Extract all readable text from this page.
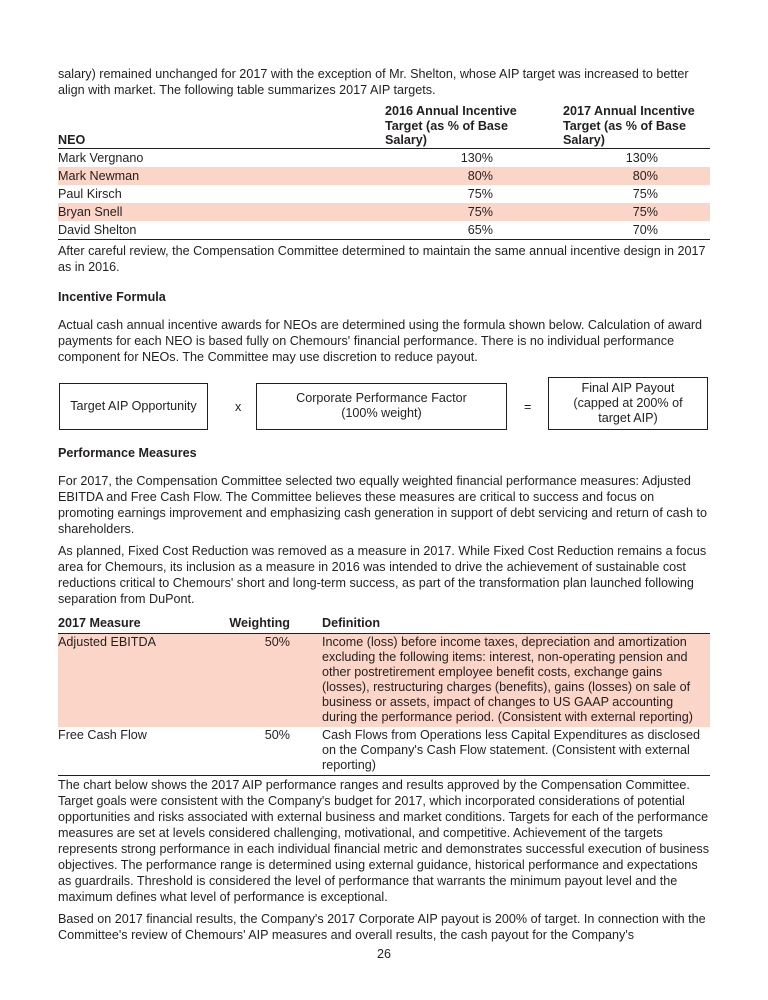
salary) remained unchanged for 2017 with the exception of Mr. Shelton, whose AIP target was increased to better align with market. The following table summarizes 2017 AIP targets.

NEO	2016 Annual Incentive Target (as % of Base Salary)	2017 Annual Incentive Target (as % of Base Salary)

Mark Vergnano	130%	130%
Mark Newman	80%	80%
Paul Kirsch	75%	75%
Bryan Snell	75%	75%
David Shelton	65%	70%

After careful review, the Compensation Committee determined to maintain the same annual incentive design in 2017 as in 2016.

Incentive Formula

Actual cash annual incentive awards for NEOs are determined using the formula shown below. Calculation of award payments for each NEO is based fully on Chemours' financial performance. There is no individual performance component for NEOs. The Committee may use discretion to reduce payout.

Target AIP Opportunity	x
Corporate Performance Factor
(100% weight)	=
Final AIP Payout
(capped at 200% of
target AIP)

Performance Measures

For 2017, the Compensation Committee selected two equally weighted financial performance measures: Adjusted EBITDA and Free Cash Flow. The Committee believes these measures are critical to success and focus on promoting earnings improvement and emphasizing cash generation in support of debt servicing and return of cash to shareholders.

As planned, Fixed Cost Reduction was removed as a measure in 2017. While Fixed Cost Reduction remains a focus area for Chemours, its inclusion as a measure in 2016 was intended to drive the achievement of sustainable cost reductions critical to Chemours' short and long-term success, as part of the transformation plan launched following separation from DuPont.

2017 Measure	Weighting		Definition
Adjusted EBITDA	50%		Income (loss) before income taxes, depreciation and amortization excluding the following items: interest, non-operating pension and other postretirement employee benefit costs, exchange gains (losses), restructuring charges (benefits), gains (losses) on sale of business or assets, impact of changes to US GAAP accounting during the performance period. (Consistent with external reporting)
Free Cash Flow	50%		Cash Flows from Operations less Capital Expenditures as disclosed on the Company's Cash Flow statement. (Consistent with external reporting)

The chart below shows the 2017 AIP performance ranges and results approved by the Compensation Committee. Target goals were consistent with the Company's budget for 2017, which incorporated considerations of potential opportunities and risks associated with external business and market conditions. Targets for each of the performance measures are set at levels considered challenging, motivational, and competitive. Achievement of the targets represents strong performance in each individual financial metric and demonstrates successful execution of business objectives. The performance range is determined using external guidance, historical performance and expectations as guardrails. Threshold is considered the level of performance that warrants the minimum payout level and the maximum defines what level of performance is exceptional.

Based on 2017 financial results, the Company's 2017 Corporate AIP payout is 200% of target. In connection with the Committee's review of Chemours' AIP measures and overall results, the cash payout for the Company's

26
